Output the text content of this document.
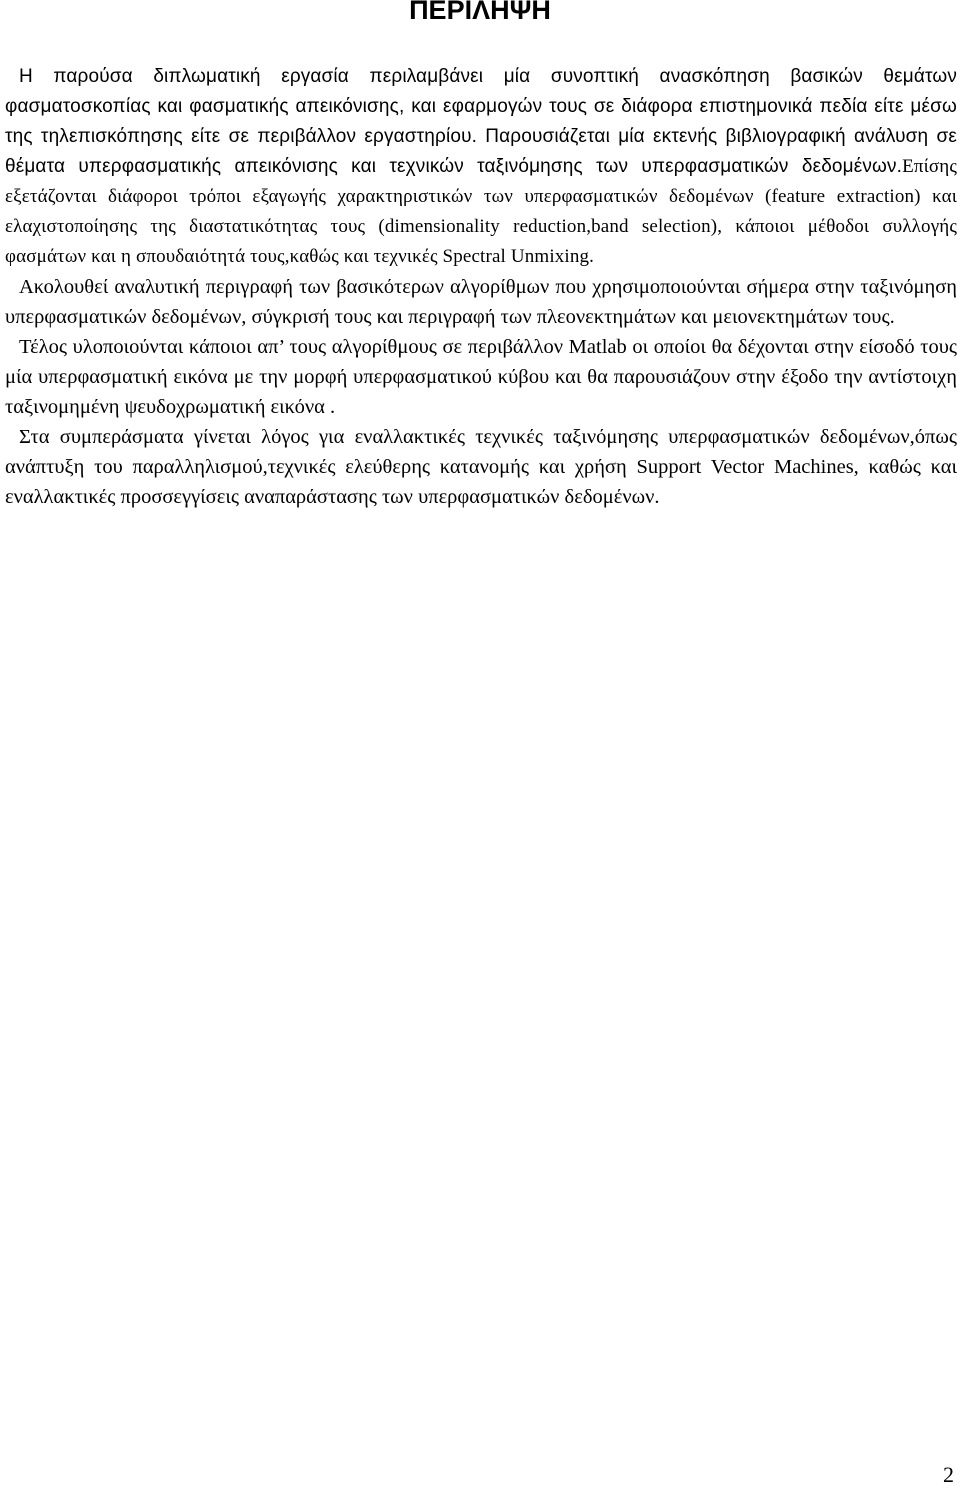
ΠΕΡΙΛΗΨΗ

Η παρούσα διπλωματική εργασία περιλαμβάνει μία συνοπτική ανασκόπηση βασικών θεμάτων φασματοσκοπίας και φασματικής απεικόνισης, και εφαρμογών τους σε διάφορα επιστημονικά πεδία είτε μέσω της τηλεπισκόπησης είτε σε περιβάλλον εργαστηρίου. Παρουσιάζεται μία εκτενής βιβλιογραφική ανάλυση σε θέματα υπερφασματικής απεικόνισης και τεχνικών ταξινόμησης των υπερφασματικών δεδομένων.Επίσης εξετάζονται διάφοροι τρόποι εξαγωγής χαρακτηριστικών των υπερφασματικών δεδομένων (feature extraction) και ελαχιστοποίησης της διαστατικότητας τους (dimensionality reduction,band selection), κάποιοι μέθοδοι συλλογής φασμάτων και η σπουδαιότητά τους,καθώς και τεχνικές Spectral Unmixing.

Ακολουθεί αναλυτική περιγραφή των βασικότερων αλγορίθμων που χρησιμοποιούνται σήμερα στην ταξινόμηση υπερφασματικών δεδομένων, σύγκρισή τους και περιγραφή των πλεονεκτημάτων και μειονεκτημάτων τους.

Τέλος υλοποιούνται κάποιοι απ’ τους αλγορίθμους σε περιβάλλον Matlab οι οποίοι θα δέχονται στην είσοδό τους μία υπερφασματική εικόνα με την μορφή υπερφασματικού κύβου και θα παρουσιάζουν στην έξοδο την αντίστοιχη ταξινομημένη ψευδοχρωματική εικόνα .

Στα συμπεράσματα γίνεται λόγος για εναλλακτικές τεχνικές ταξινόμησης υπερφασματικών δεδομένων,όπως ανάπτυξη του παραλληλισμού,τεχνικές ελεύθερης κατανομής και χρήση Support Vector Machines, καθώς και εναλλακτικές προσσεγγίσεις αναπαράστασης των υπερφασματικών δεδομένων.

2
